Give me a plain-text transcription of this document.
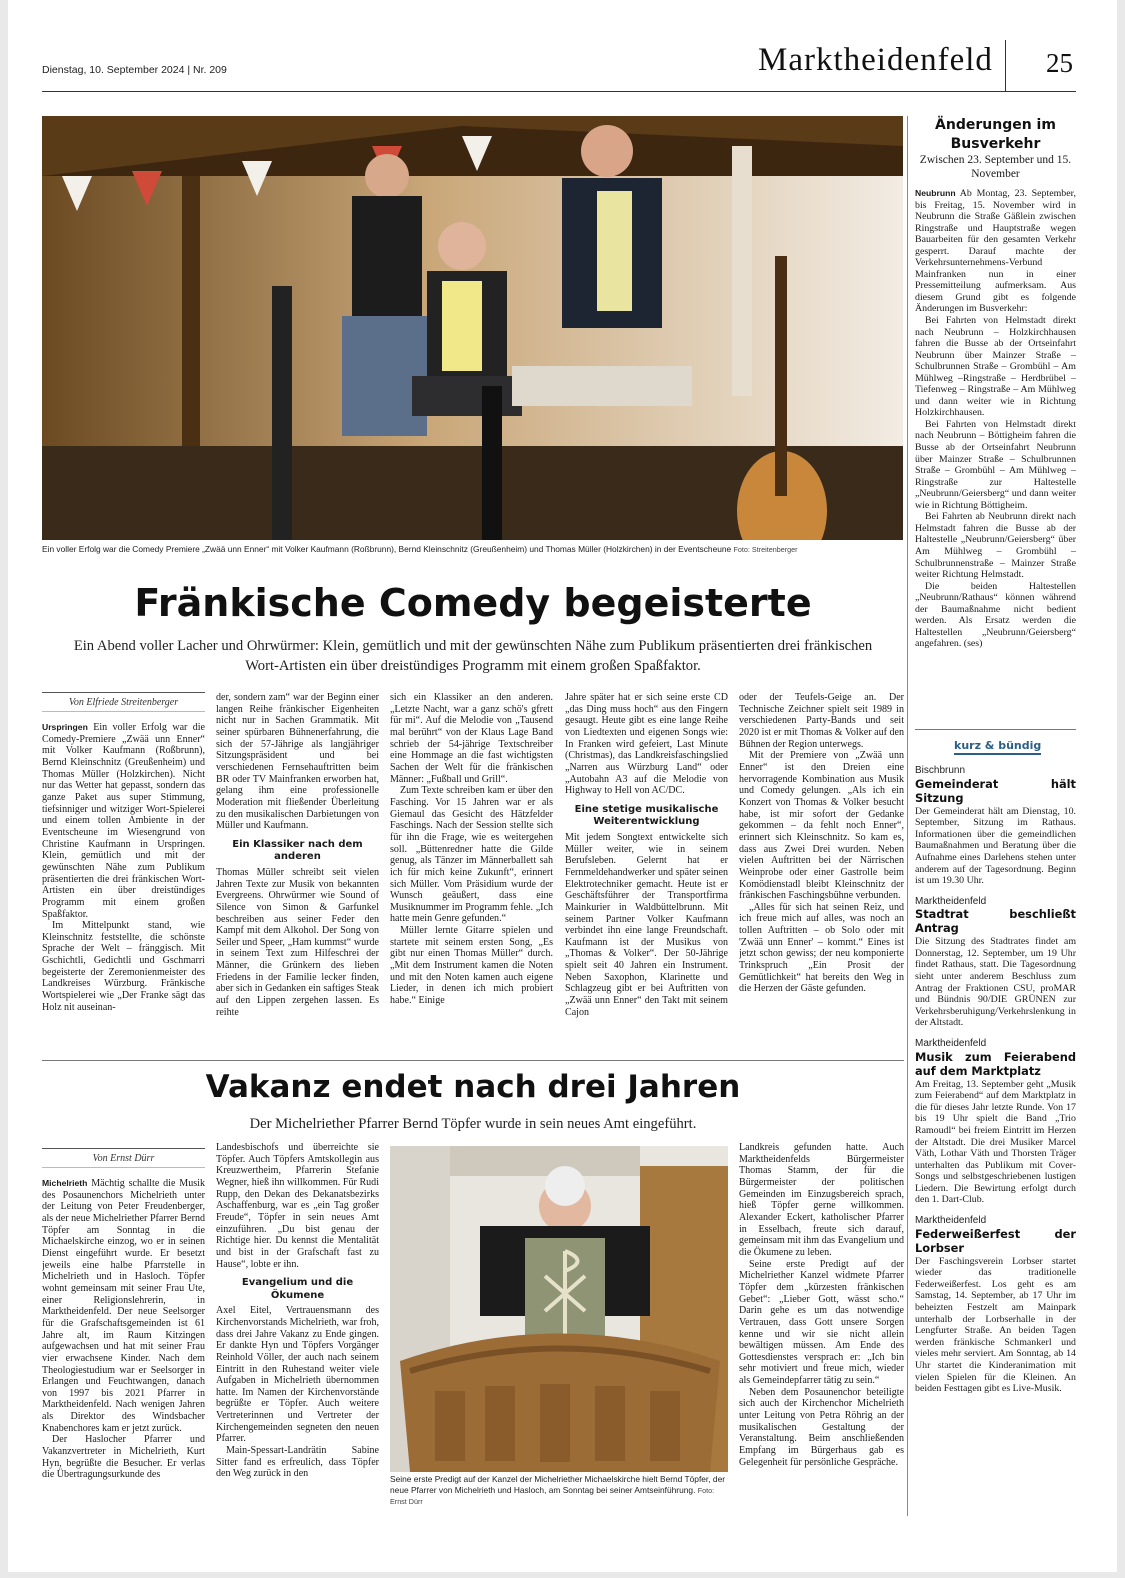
Dienstag, 10. September 2024 | Nr. 209	Marktheidenfeld 25
Ein voller Erfolg war die Comedy Premiere „Zwää unn Enner“ mit Volker Kaufmann (Roßbrunn), Bernd Kleinschnitz (Greußenheim) und Thomas Müller (Holzkirchen) in der Eventscheune Foto: Streitenberger
Fränkische Comedy begeisterte
Ein Abend voller Lacher und Ohrwürmer: Klein, gemütlich und mit der gewünschten Nähe zum Publikum präsentierten drei fränkischen Wort-Artisten ein über dreistündiges Programm mit einem großen Spaßfaktor.
Von Elfriede Streitenberger

Urspringen Ein voller Erfolg war die Comedy-Premiere „Zwää unn Enner“ mit Volker Kaufmann (Roßbrunn), Bernd Kleinschnitz (Greußenheim) und Thomas Müller (Holzkirchen). Nicht nur das Wetter hat gepasst, sondern das ganze Paket aus super Stimmung, tiefsinniger und witziger Wort-Spielerei und einem tollen Ambiente in der Eventscheune im Wiesengrund von Christine Kaufmann in Urspringen. Klein, gemütlich und mit der gewünschten Nähe zum Publikum präsentierten die drei fränkischen Wort-Artisten ein über dreistündiges Programm mit einem großen Spaßfaktor.

Im Mittelpunkt stand, wie Kleinschnitz feststellte, die schönste Sprache der Welt – fränggisch. Mit Gschichtli, Gedichtli und Gschmarri begeisterte der Zeremonienmeister des Landkreises Würzburg. Fränkische Wortspielerei wie „Der Franke sägt das Holz nit auseinan-

der, sondern zam“ war der Beginn einer langen Reihe fränkischer Eigenheiten nicht nur in Sachen Grammatik. Mit seiner spürbaren Bühnenerfahrung, die sich der 57-Jährige als langjähriger Sitzungspräsident und bei verschiedenen Fernsehauftritten beim BR oder TV Mainfranken erworben hat, gelang ihm eine professionelle Moderation mit fließender Überleitung zu den musikalischen Darbietungen von Müller und Kaufmann.

Ein Klassiker nach dem anderen

Thomas Müller schreibt seit vielen Jahren Texte zur Musik von bekannten Evergreens. Ohrwürmer wie Sound of Silence von Simon & Garfunkel beschreiben aus seiner Feder den Kampf mit dem Alkohol. Der Song von Seiler und Speer, „Ham kummst“ wurde in seinem Text zum Hilfeschrei der Männer, die Grünkern des lieben Friedens in der Familie lecker finden, aber sich in Gedanken ein saftiges Steak auf den Lippen zergehen lassen. Es reihte

sich ein Klassiker an den anderen. „Letzte Nacht, war a ganz schö's gfrett für mi“. Auf die Melodie von „Tausend mal berührt“ von der Klaus Lage Band schrieb der 54-jährige Textschreiber eine Hommage an die fast wichtigsten Sachen der Welt für die fränkischen Männer: „Fußball und Grill“.

Zum Texte schreiben kam er über den Fasching. Vor 15 Jahren war er als Giemaul das Gesicht des Hätzfelder Faschings. Nach der Session stellte sich für ihn die Frage, wie es weitergehen soll. „Büttenredner hatte die Gilde genug, als Tänzer im Männerballett sah ich für mich keine Zukunft“, erinnert sich Müller. Vom Präsidium wurde der Wunsch geäußert, dass eine Musiknummer im Programm fehle. „Ich hatte mein Genre gefunden.“

Müller lernte Gitarre spielen und startete mit seinem ersten Song, „Es gibt nur einen Thomas Müller“ durch. „Mit dem Instrument kamen die Noten und mit den Noten kamen auch eigene Lieder, in denen ich mich probiert habe.“ Einige

Jahre später hat er sich seine erste CD „das Ding muss hoch“ aus den Fingern gesaugt. Heute gibt es eine lange Reihe von Liedtexten und eigenen Songs wie: In Franken wird gefeiert, Last Minute (Christmas), das Landkreisfaschingslied „Narren aus Würzburg Land“ oder „Autobahn A3 auf die Melodie von Highway to Hell von AC/DC.

Eine stetige musikalische Weiterentwicklung

Mit jedem Songtext entwickelte sich Müller weiter, wie in seinem Berufsleben. Gelernt hat er Fernmeldehandwerker und später seinen Elektrotechniker gemacht. Heute ist er Geschäftsführer der Transportfirma Mainkurier in Waldbüttelbrunn. Mit seinem Partner Volker Kaufmann verbindet ihn eine lange Freundschaft. Kaufmann ist der Musikus von „Thomas & Volker“. Der 50-Jährige spielt seit 40 Jahren ein Instrument. Neben Saxophon, Klarinette und Schlagzeug gibt er bei Auftritten von „Zwää unn Enner“ den Takt mit seinem Cajon

oder der Teufels-Geige an. Der Technische Zeichner spielt seit 1989 in verschiedenen Party-Bands und seit 2020 ist er mit Thomas & Volker auf den Bühnen der Region unterwegs.

Mit der Premiere von „Zwää unn Enner“ ist den Dreien eine hervorragende Kombination aus Musik und Comedy gelungen. „Als ich ein Konzert von Thomas & Volker besucht habe, ist mir sofort der Gedanke gekommen – da fehlt noch Enner“, erinnert sich Kleinschnitz. So kam es, dass aus Zwei Drei wurden. Neben vielen Auftritten bei der Närrischen Weinprobe oder einer Gastrolle beim Komödienstadl bleibt Kleinschnitz der fränkischen Faschingsbühne verbunden.

„Alles für sich hat seinen Reiz, und ich freue mich auf alles, was noch an tollen Auftritten – ob Solo oder mit 'Zwää unn Enner' – kommt.“ Eines ist jetzt schon gewiss; der neu komponierte Trinkspruch „Ein Prosit der Gemütlichkeit“ hat bereits den Weg in die Herzen der Gäste gefunden.

Vakanz endet nach drei Jahren
Der Michelriether Pfarrer Bernd Töpfer wurde in sein neues Amt eingeführt.
Von Ernst Dürr

Michelrieth Mächtig schallte die Musik des Posaunenchors Michelrieth unter der Leitung von Peter Freudenberger, als der neue Michelriether Pfarrer Bernd Töpfer am Sonntag in die Michaelskirche einzog, wo er in seinen Dienst eingeführt wurde. Er besetzt jeweils eine halbe Pfarrstelle in Michelrieth und in Hasloch. Töpfer wohnt gemeinsam mit seiner Frau Ute, einer Religionslehrerin, in Marktheidenfeld. Der neue Seelsorger für die Grafschaftsgemeinden ist 61 Jahre alt, im Raum Kitzingen aufgewachsen und hat mit seiner Frau vier erwachsene Kinder. Nach dem Theologiestudium war er Seelsorger in Erlangen und Feuchtwangen, danach von 1997 bis 2021 Pfarrer in Marktheidenfeld. Nach wenigen Jahren als Direktor des Windsbacher Knabenchores kam er jetzt zurück.

Der Haslocher Pfarrer und Vakanzvertreter in Michelrieth, Kurt Hyn, begrüßte die Besucher. Er verlas die Übertragungsurkunde des

Landesbischofs und überreichte sie Töpfer. Auch Töpfers Amtskollegin aus Kreuzwertheim, Pfarrerin Stefanie Wegner, hieß ihn willkommen. Für Rudi Rupp, den Dekan des Dekanatsbezirks Aschaffenburg, war es „ein Tag großer Freude“, Töpfer in sein neues Amt einzuführen. „Du bist genau der Richtige hier. Du kennst die Mentalität und bist in der Grafschaft fast zu Hause“, lobte er ihn.

Evangelium und die Ökumene

Axel Eitel, Vertrauensmann des Kirchenvorstands Michelrieth, war froh, dass drei Jahre Vakanz zu Ende gingen. Er dankte Hyn und Töpfers Vorgänger Reinhold Völler, der auch nach seinem Eintritt in den Ruhestand weiter viele Aufgaben in Michelrieth übernommen hatte. Im Namen der Kirchenvorstände begrüßte er Töpfer. Auch weitere Vertreterinnen und Vertreter der Kirchengemeinden segneten den neuen Pfarrer.

Main-Spessart-Landrätin Sabine Sitter fand es erfreulich, dass Töpfer den Weg zurück in den	Seine erste Predigt auf der Kanzel der Michelriether Michaelskirche hielt Bernd Töpfer, der neue Pfarrer von Michelrieth und Hasloch, am Sonntag bei seiner Amtseinführung. Foto: Ernst Dürr

Landkreis gefunden hatte. Auch Marktheidenfelds Bürgermeister Thomas Stamm, der für die Bürgermeister der politischen Gemeinden im Einzugsbereich sprach, hieß Töpfer gerne willkommen. Alexander Eckert, katholischer Pfarrer in Esselbach, freute sich darauf, gemeinsam mit ihm das Evangelium und die Ökumene zu leben.

Seine erste Predigt auf der Michelriether Kanzel widmete Pfarrer Töpfer dem „kürzesten fränkischen Gebet“: „Lieber Gott, wässt scho.“ Darin gehe es um das notwendige Vertrauen, dass Gott unsere Sorgen kenne und wir sie nicht allein bewältigen müssen. Am Ende des Gottesdienstes versprach er: „Ich bin sehr motiviert und freue mich, wieder als Gemeindepfarrer tätig zu sein.“

Neben dem Posaunenchor beteiligte sich auch der Kirchenchor Michelrieth unter Leitung von Petra Röhrig an der musikalischen Gestaltung der Veranstaltung. Beim anschließenden Empfang im Bürgerhaus gab es Gelegenheit für persönliche Gespräche.

Änderungen im Busverkehr
Zwischen 23. September und 15. November

Neubrunn Ab Montag, 23. September, bis Freitag, 15. November wird in Neubrunn die Straße Gäßlein zwischen Ringstraße und Hauptstraße wegen Bauarbeiten für den gesamten Verkehr gesperrt. Darauf machte der Verkehrsunternehmens-Verbund Mainfranken nun in einer Pressemitteilung aufmerksam. Aus diesem Grund gibt es folgende Änderungen im Busverkehr:

Bei Fahrten von Helmstadt direkt nach Neubrunn – Holzkirchhausen fahren die Busse ab der Ortseinfahrt Neubrunn über Mainzer Straße – Schulbrunnen Straße – Grombühl – Am Mühlweg –Ringstraße – Herdbrübel – Tiefenweg – Ringstraße – Am Mühlweg und dann weiter wie in Richtung Holzkirchhausen.

Bei Fahrten von Helmstadt direkt nach Neubrunn – Böttigheim fahren die Busse ab der Ortseinfahrt Neubrunn über Mainzer Straße – Schulbrunnen Straße – Grombühl – Am Mühlweg – Ringstraße zur Haltestelle „Neubrunn/Geiersberg“ und dann weiter wie in Richtung Böttigheim.

Bei Fahrten ab Neubrunn direkt nach Helmstadt fahren die Busse ab der Haltestelle „Neubrunn/Geiersberg“ über Am Mühlweg – Grombühl – Schulbrunnenstraße – Mainzer Straße weiter Richtung Helmstadt.

Die beiden Haltestellen „Neubrunn/Rathaus“ können während der Baumaßnahme nicht bedient werden. Als Ersatz werden die Haltestellen „Neubrunn/Geiersberg“ angefahren. (ses)

kurz & bündig
Bischbrunn
Gemeinderat hält Sitzung
Der Gemeinderat hält am Dienstag, 10. September, Sitzung im Rathaus. Informationen über die gemeindlichen Baumaßnahmen und Beratung über die Aufnahme eines Darlehens stehen unter anderem auf der Tagesordnung. Beginn ist um 19.30 Uhr.
Marktheidenfeld
Stadtrat beschließt Antrag
Die Sitzung des Stadtrates findet am Donnerstag, 12. September, um 19 Uhr findet Rathaus, statt. Die Tagesordnung sieht unter anderem Beschluss zum Antrag der Fraktionen CSU, proMAR und Bündnis 90/DIE GRÜNEN zur Verkehrsberuhigung/Verkehrslenkung in der Altstadt.
Marktheidenfeld
Musik zum Feierabend auf dem Marktplatz
Am Freitag, 13. September geht „Musik zum Feierabend“ auf dem Marktplatz in die für dieses Jahr letzte Runde. Von 17 bis 19 Uhr spielt die Band „Trio Ramoudl“ bei freiem Eintritt im Herzen der Altstadt. Die drei Musiker Marcel Väth, Lothar Väth und Thorsten Träger unterhalten das Publikum mit Cover-Songs und selbstgeschriebenen lustigen Liedern. Die Bewirtung erfolgt durch den 1. Dart-Club.
Marktheidenfeld
Federweißerfest der Lorbser
Der Faschingsverein Lorbser startet wieder das traditionelle Federweißerfest. Los geht es am Samstag, 14. September, ab 17 Uhr im beheizten Festzelt am Mainpark unterhalb der Lorbserhalle in der Lengfurter Straße. An beiden Tagen werden fränkische Schmankerl und vieles mehr serviert. Am Sonntag, ab 14 Uhr startet die Kinderanimation mit vielen Spielen für die Kleinen. An beiden Festtagen gibt es Live-Musik.
